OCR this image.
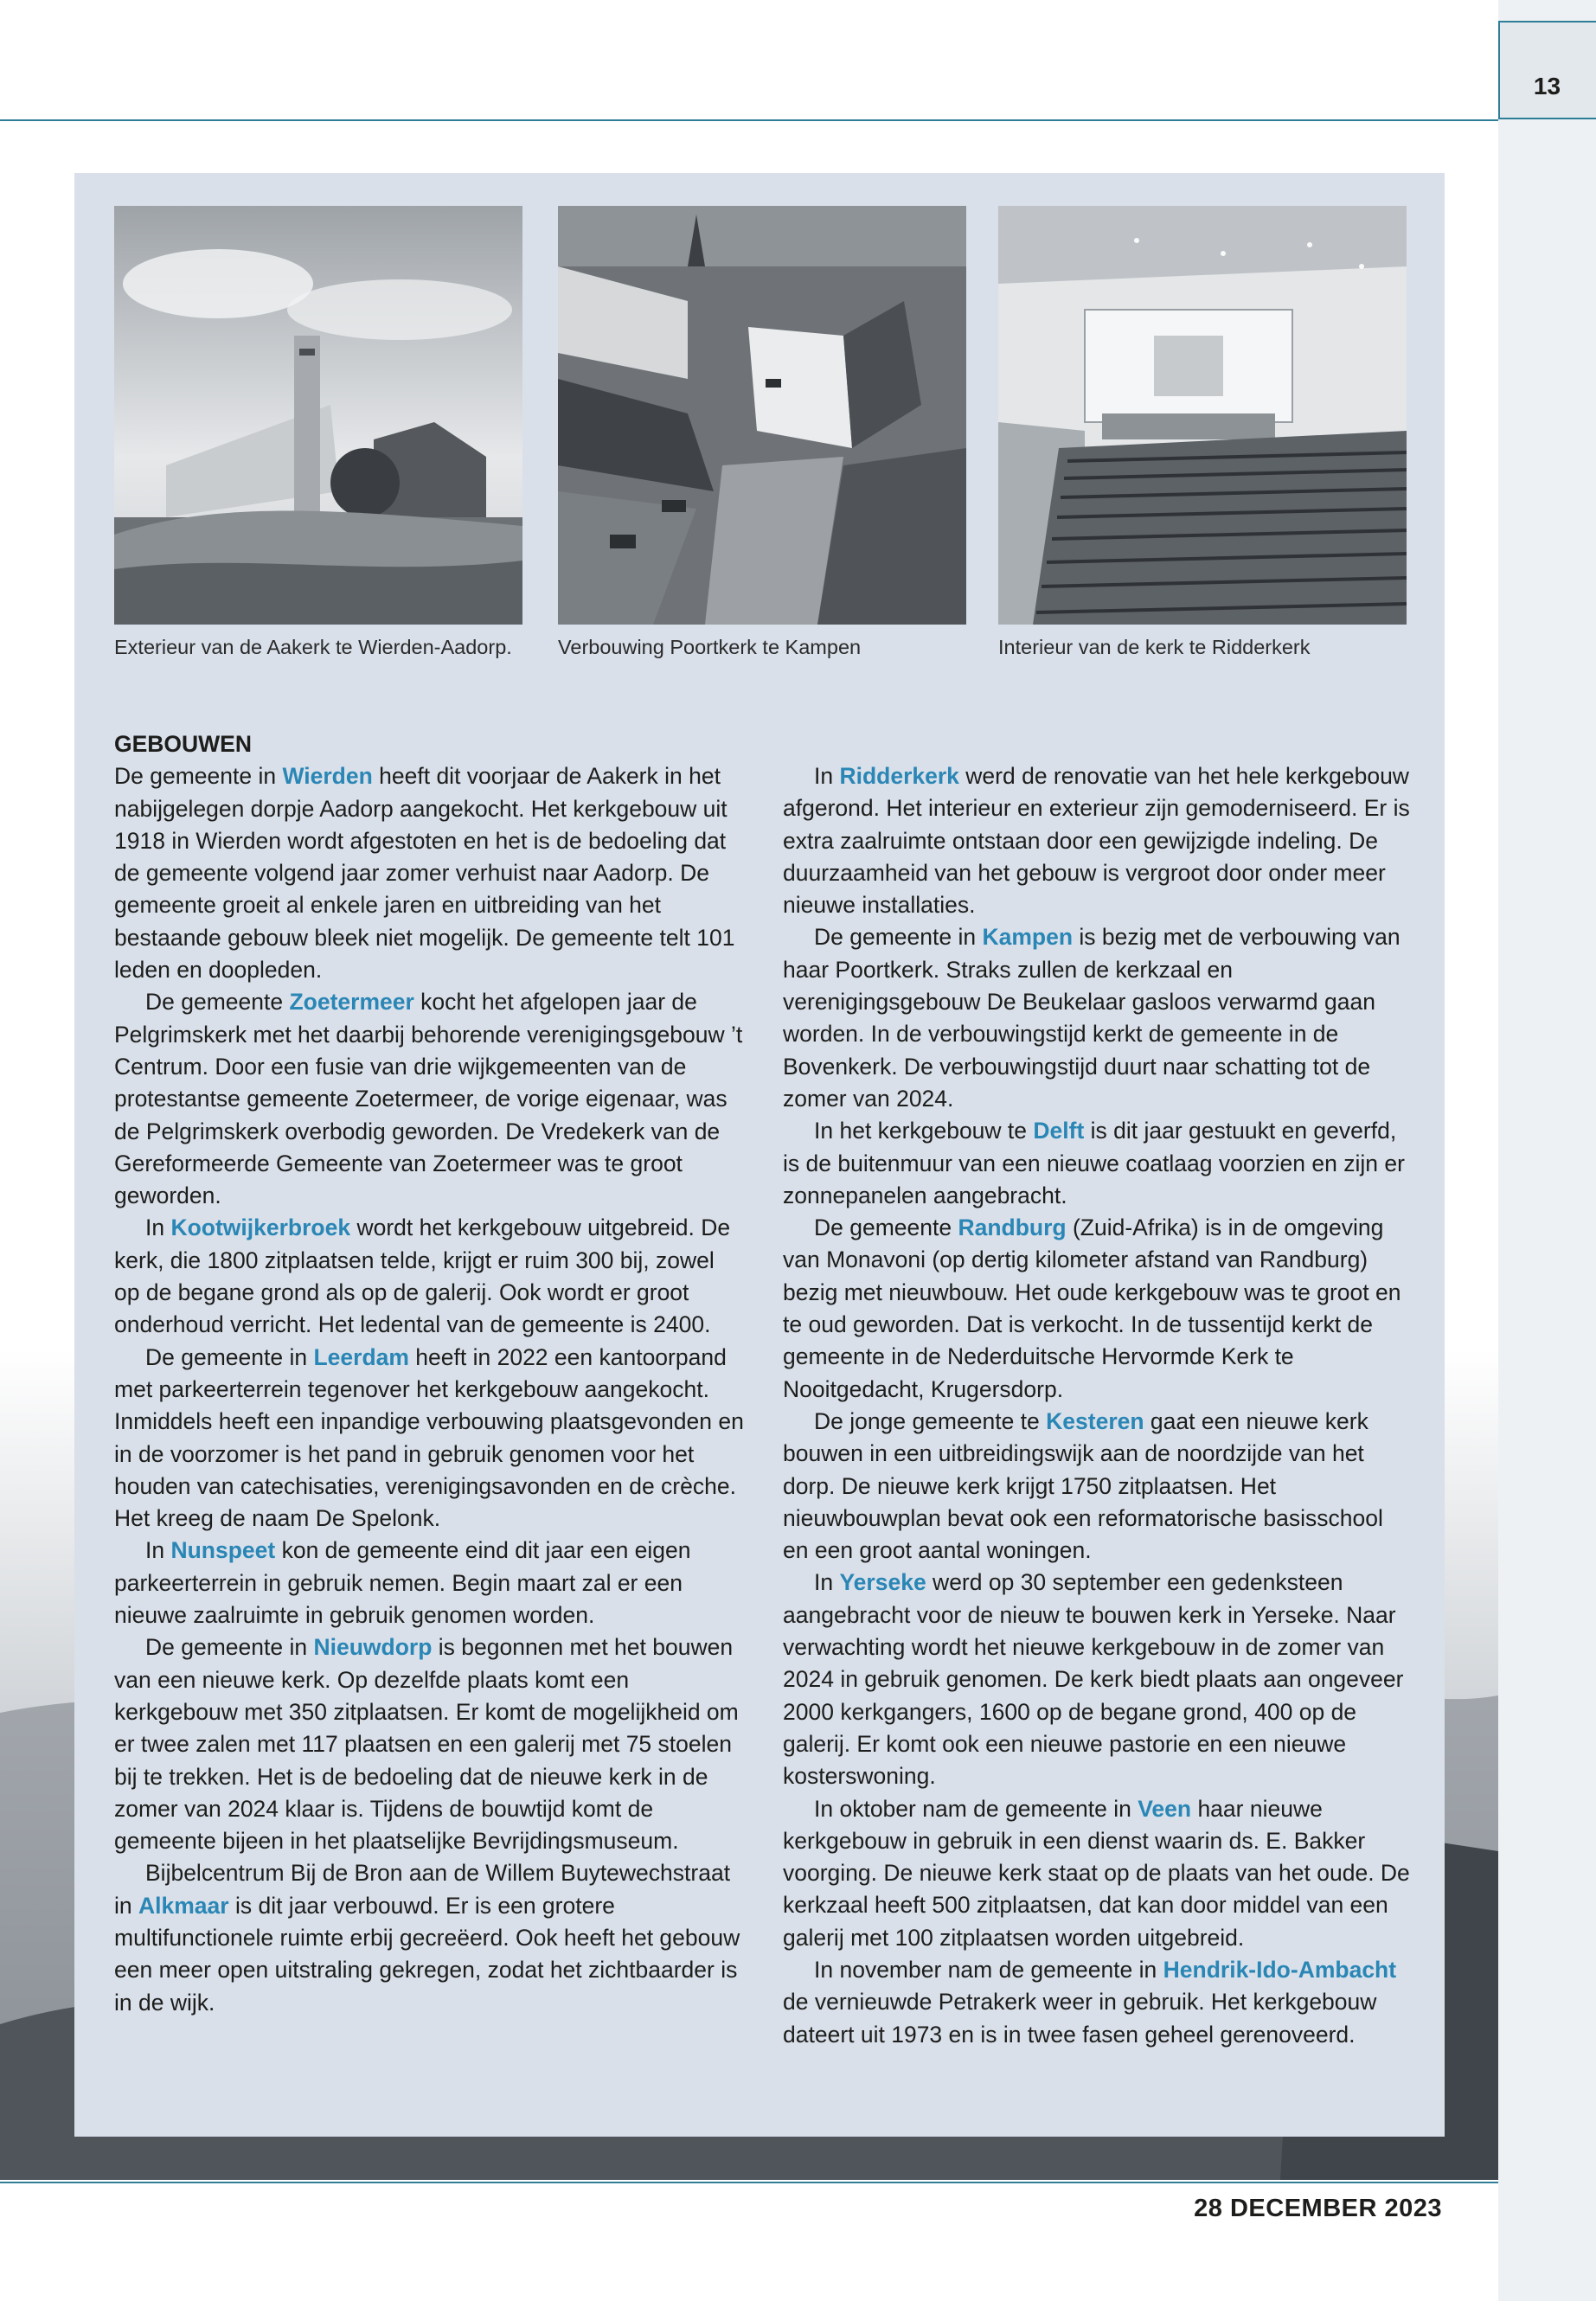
13
Exterieur van de Aakerk te Wierden-Aadorp. Verbouwing Poortkerk te Kampen	Interieur van de kerk te Ridderkerk

GEBOUWEN

De gemeente in Wierden heeft dit voorjaar de Aakerk in het nabijgelegen dorpje Aadorp aangekocht. Het kerkgebouw uit 1918 in Wierden wordt afgestoten en het is de bedoeling dat de gemeente volgend jaar zomer verhuist naar Aadorp. De gemeente groeit al enkele jaren en uitbreiding van het bestaande gebouw bleek niet mogelijk. De gemeente telt 101 leden en doopleden.

De gemeente Zoetermeer kocht het afgelopen jaar de Pelgrimskerk met het daarbij behorende verenigingsgebouw ’t Centrum. Door een fusie van drie wijkgemeenten van de protestantse gemeente Zoetermeer, de vorige eigenaar, was de Pelgrimskerk overbodig geworden. De Vredekerk van de Gereformeerde Gemeente van Zoetermeer was te groot geworden.

In Kootwijkerbroek wordt het kerkgebouw uitgebreid. De kerk, die 1800 zitplaatsen telde, krijgt er ruim 300 bij, zowel op de begane grond als op de galerij. Ook wordt er groot onderhoud verricht. Het ledental van de gemeente is 2400.

De gemeente in Leerdam heeft in 2022 een kantoorpand met parkeerterrein tegenover het kerkgebouw aangekocht. Inmiddels heeft een inpandige verbouwing plaatsgevonden en in de voorzomer is het pand in gebruik genomen voor het houden van catechisaties, verenigingsavonden en de crèche. Het kreeg de naam De Spelonk.

In Nunspeet kon de gemeente eind dit jaar een eigen parkeerterrein in gebruik nemen. Begin maart zal er een nieuwe zaalruimte in gebruik genomen worden.

De gemeente in Nieuwdorp is begonnen met het bouwen van een nieuwe kerk. Op dezelfde plaats komt een kerkgebouw met 350 zitplaatsen. Er komt de mogelijkheid om er twee zalen met 117 plaatsen en een galerij met 75 stoelen bij te trekken. Het is de bedoeling dat de nieuwe kerk in de zomer van 2024 klaar is. Tijdens de bouwtijd komt de gemeente bijeen in het plaatselijke Bevrijdingsmuseum.

Bijbelcentrum Bij de Bron aan de Willem Buytewechstraat in Alkmaar is dit jaar verbouwd. Er is een grotere multifunctionele ruimte erbij gecreëerd. Ook heeft het gebouw een meer open uitstraling gekregen, zodat het zichtbaarder is in de wijk.

In Ridderkerk werd de renovatie van het hele kerkgebouw afgerond. Het interieur en exterieur zijn gemoderniseerd. Er is extra zaalruimte ontstaan door een gewijzigde indeling. De duurzaamheid van het gebouw is vergroot door onder meer nieuwe installaties.

De gemeente in Kampen is bezig met de verbouwing van haar Poortkerk. Straks zullen de kerkzaal en verenigingsgebouw De Beukelaar gasloos verwarmd gaan worden. In de verbouwingstijd kerkt de gemeente in de Bovenkerk. De verbouwingstijd duurt naar schatting tot de zomer van 2024.

In het kerkgebouw te Delft is dit jaar gestuukt en geverfd, is de buitenmuur van een nieuwe coatlaag voorzien en zijn er zonnepanelen aangebracht.

De gemeente Randburg (Zuid-Afrika) is in de omgeving van Monavoni (op dertig kilometer afstand van Randburg) bezig met nieuwbouw. Het oude kerkgebouw was te groot en te oud geworden. Dat is verkocht. In de tussentijd kerkt de gemeente in de Nederduitsche Hervormde Kerk te Nooitgedacht, Krugersdorp.

De jonge gemeente te Kesteren gaat een nieuwe kerk bouwen in een uitbreidingswijk aan de noordzijde van het dorp. De nieuwe kerk krijgt 1750 zitplaatsen. Het nieuwbouwplan bevat ook een reformatorische basisschool en een groot aantal woningen.

In Yerseke werd op 30 september een gedenksteen aangebracht voor de nieuw te bouwen kerk in Yerseke. Naar verwachting wordt het nieuwe kerkgebouw in de zomer van 2024 in gebruik genomen. De kerk biedt plaats aan ongeveer 2000 kerkgangers, 1600 op de begane grond, 400 op de galerij. Er komt ook een nieuwe pastorie en een nieuwe kosterswoning.

In oktober nam de gemeente in Veen haar nieuwe kerkgebouw in gebruik in een dienst waarin ds. E. Bakker voorging. De nieuwe kerk staat op de plaats van het oude. De kerkzaal heeft 500 zitplaatsen, dat kan door middel van een galerij met 100 zitplaatsen worden uitgebreid.

In november nam de gemeente in Hendrik-Ido-Ambacht de vernieuwde Petrakerk weer in gebruik. Het kerkgebouw dateert uit 1973 en is in twee fasen geheel gerenoveerd.

28 DECEMBER 2023
